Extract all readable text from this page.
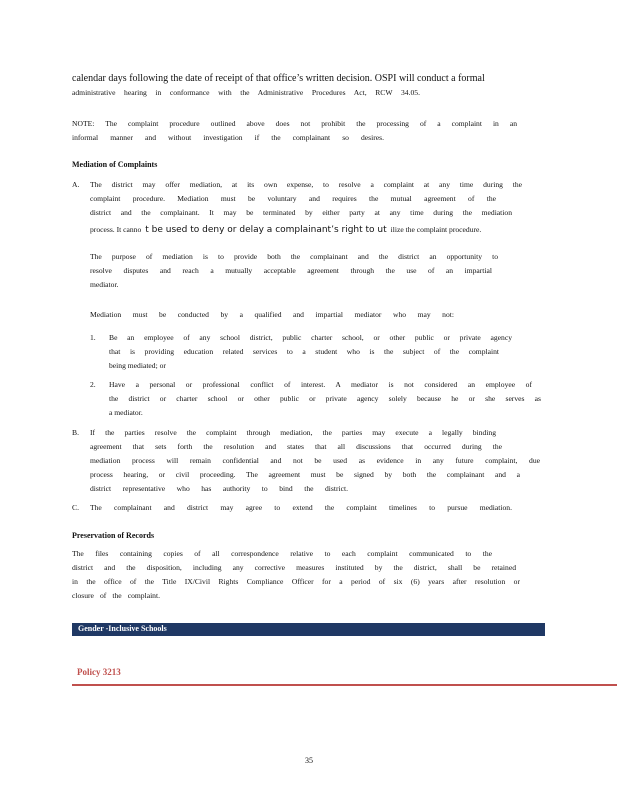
calendar days following the date of receipt of that office’s written decision. OSPI will conduct a formal

administrative hearing in conformance with the Administrative Procedures Act, RCW 34.05.

NOTE: The complaint procedure outlined above does not prohibit the processing of a complaint in an

informal manner and without investigation if the complainant so desires.

Mediation of Complaints

A. The district may offer mediation, at its own expense, to resolve a complaint at any time during the

complaint procedure. Mediation must be voluntary and requires the mutual agreement of the

district and the complainant. It may be terminated by either party at any time during the mediation

process. It canno t be used to deny or delay a complainant’s right to ut ilize the complaint procedure.

The purpose of mediation is to provide both the complainant and the district an opportunity to

resolve disputes and reach a mutually acceptable agreement through the use of an impartial

mediator.

Mediation must be conducted by a qualified and impartial mediator who may not:

1. Be an employee of any school district, public charter school, or other public or private agency

that is providing education related services to a student who is the subject of the complaint

being mediated; or

2. Have a personal or professional conflict of interest. A mediator is not considered an employee of

the district or charter school or other public or private agency solely because he or she serves as

a mediator.

B. If the parties resolve the complaint through mediation, the parties may execute a legally binding

agreement that sets forth the resolution and states that all discussions that occurred during the

mediation process will remain confidential and not be used as evidence in any future complaint, due

process hearing, or civil proceeding. The agreement must be signed by both the complainant and a

district representative who has authority to bind the district.

C. The complainant and district may agree to extend the complaint timelines to pursue mediation.

Preservation of Records

The files containing copies of all correspondence relative to each complaint communicated to the

district and the disposition, including any corrective measures instituted by the district, shall be retained

in the office of the Title IX/Civil Rights Compliance Officer for a period of six (6) years after resolution or

closure of the complaint.

Gender -Inclusive Schools

Policy 3213

35
